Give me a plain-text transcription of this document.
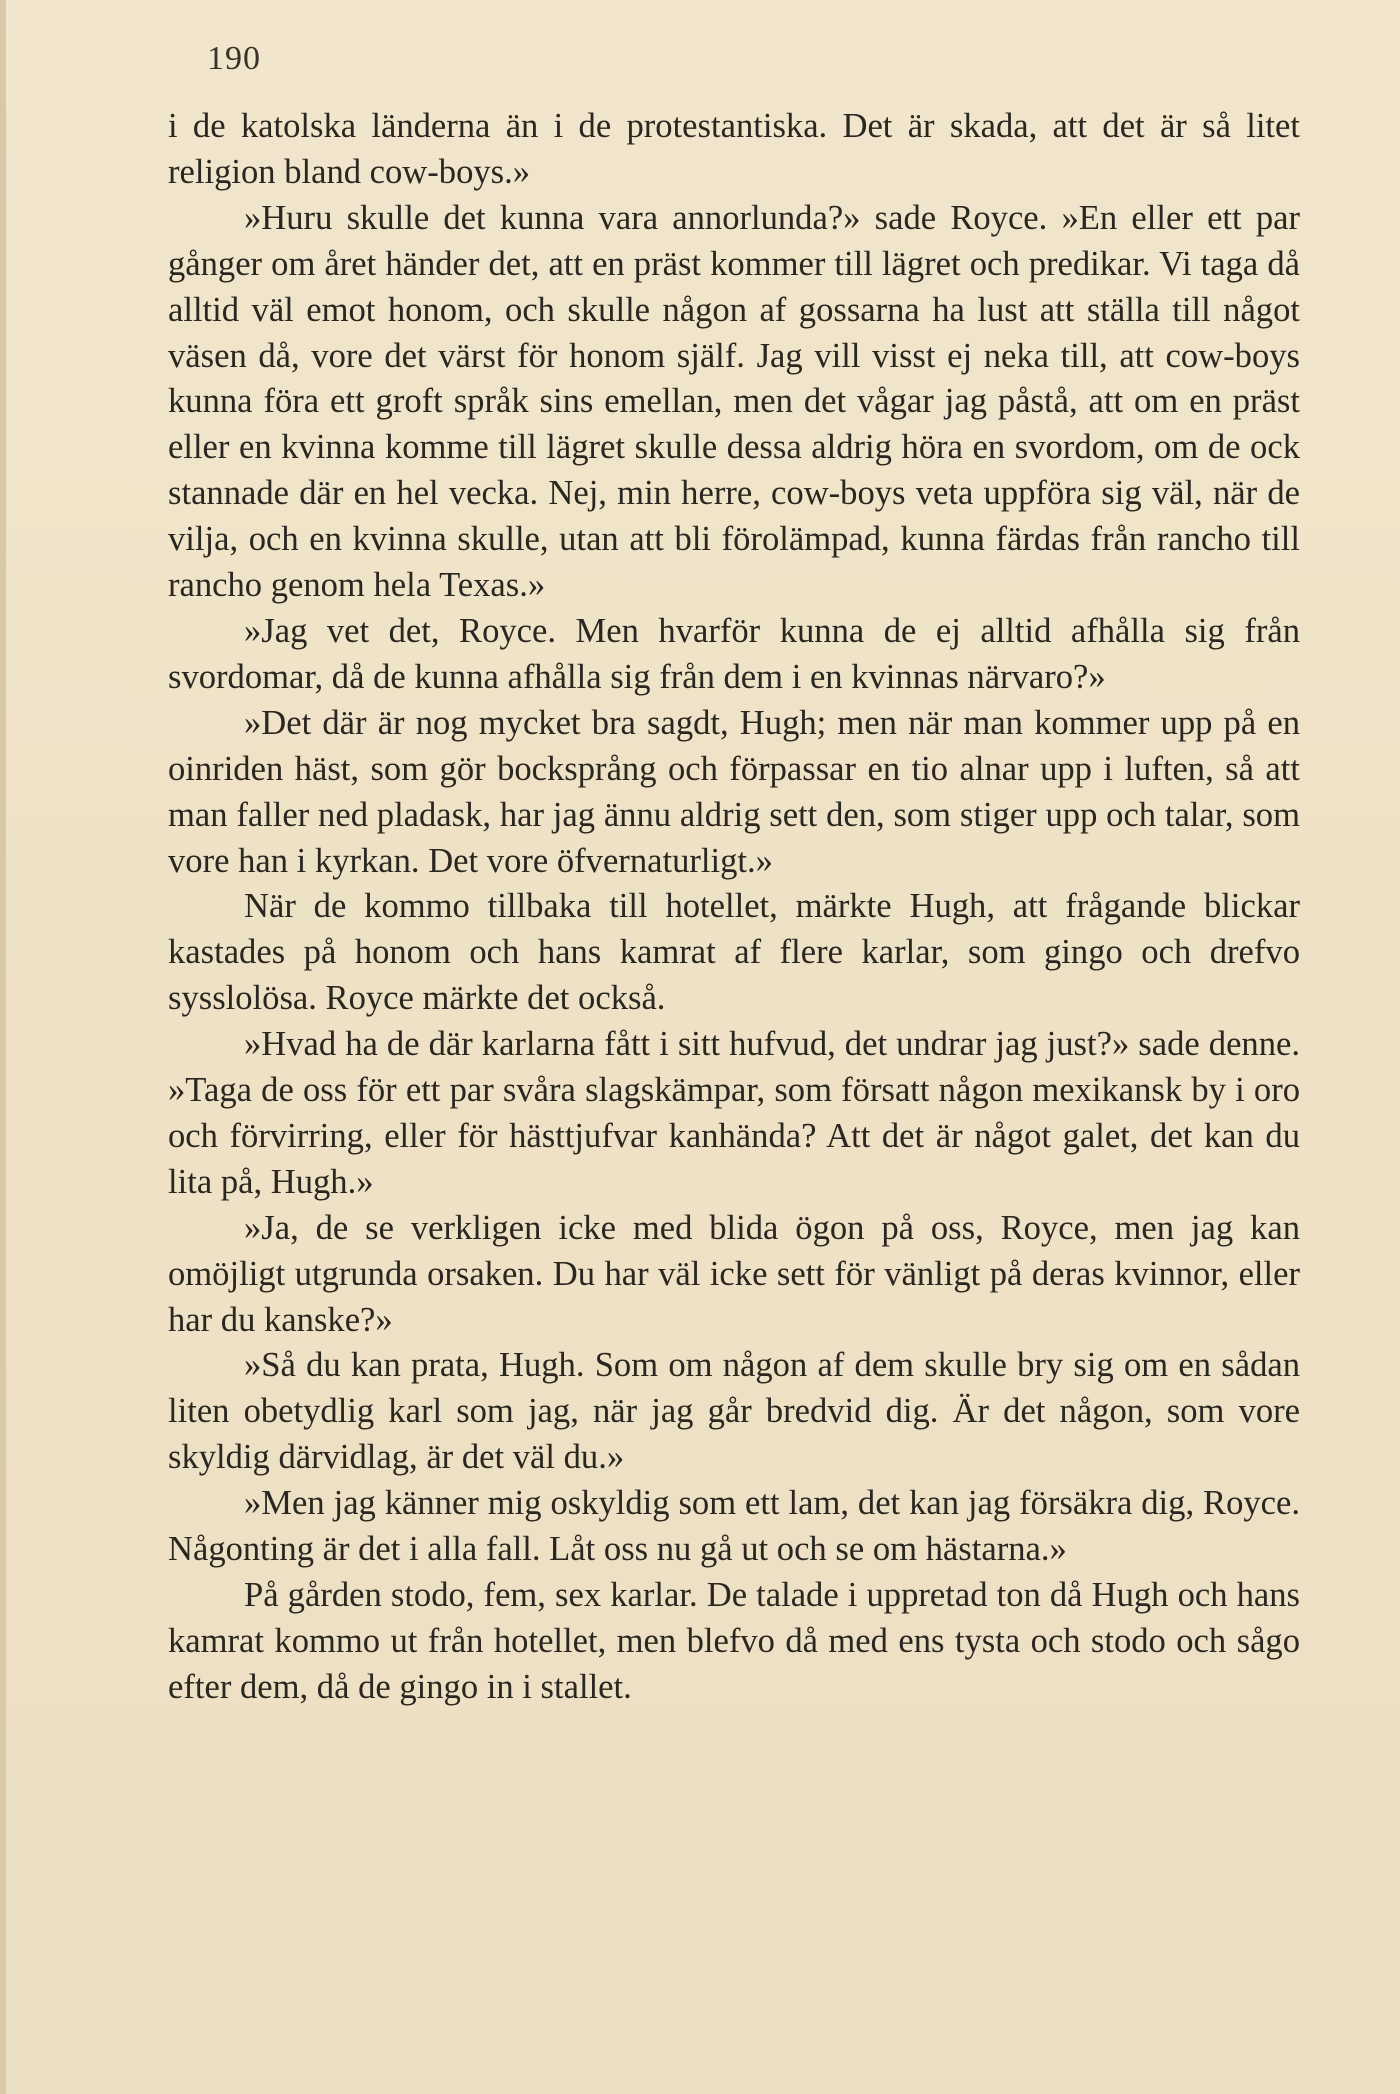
190

i de katolska länderna än i de protestantiska. Det är skada, att det är så litet religion bland cow-boys.»

»Huru skulle det kunna vara annorlunda?» sade Royce. »En eller ett par gånger om året händer det, att en präst kommer till lägret och predikar. Vi taga då alltid väl emot honom, och skulle någon af gossarna ha lust att ställa till något väsen då, vore det värst för honom själf. Jag vill visst ej neka till, att cow-boys kunna föra ett groft språk sins emellan, men det vågar jag påstå, att om en präst eller en kvinna komme till lägret skulle dessa aldrig höra en svordom, om de ock stannade där en hel vecka. Nej, min herre, cow-boys veta uppföra sig väl, när de vilja, och en kvinna skulle, utan att bli förolämpad, kunna färdas från rancho till rancho genom hela Texas.»

»Jag vet det, Royce. Men hvarför kunna de ej alltid afhålla sig från svordomar, då de kunna afhålla sig från dem i en kvinnas närvaro?»

»Det där är nog mycket bra sagdt, Hugh; men när man kommer upp på en oinriden häst, som gör bocksprång och förpassar en tio alnar upp i luften, så att man faller ned pladask, har jag ännu aldrig sett den, som stiger upp och talar, som vore han i kyrkan. Det vore öfvernaturligt.»

När de kommo tillbaka till hotellet, märkte Hugh, att frågande blickar kastades på honom och hans kamrat af flere karlar, som gingo och drefvo sysslolösa. Royce märkte det också.

»Hvad ha de där karlarna fått i sitt hufvud, det undrar jag just?» sade denne. »Taga de oss för ett par svåra slagskämpar, som försatt någon mexikansk by i oro och förvirring, eller för hästtjufvar kanhända? Att det är något galet, det kan du lita på, Hugh.»

»Ja, de se verkligen icke med blida ögon på oss, Royce, men jag kan omöjligt utgrunda orsaken. Du har väl icke sett för vänligt på deras kvinnor, eller har du kanske?»

»Så du kan prata, Hugh. Som om någon af dem skulle bry sig om en sådan liten obetydlig karl som jag, när jag går bredvid dig. Är det någon, som vore skyldig därvidlag, är det väl du.»

»Men jag känner mig oskyldig som ett lam, det kan jag försäkra dig, Royce. Någonting är det i alla fall. Låt oss nu gå ut och se om hästarna.»

På gården stodo, fem, sex karlar. De talade i uppretad ton då Hugh och hans kamrat kommo ut från hotellet, men blefvo då med ens tysta och stodo och sågo efter dem, då de gingo in i stallet.
